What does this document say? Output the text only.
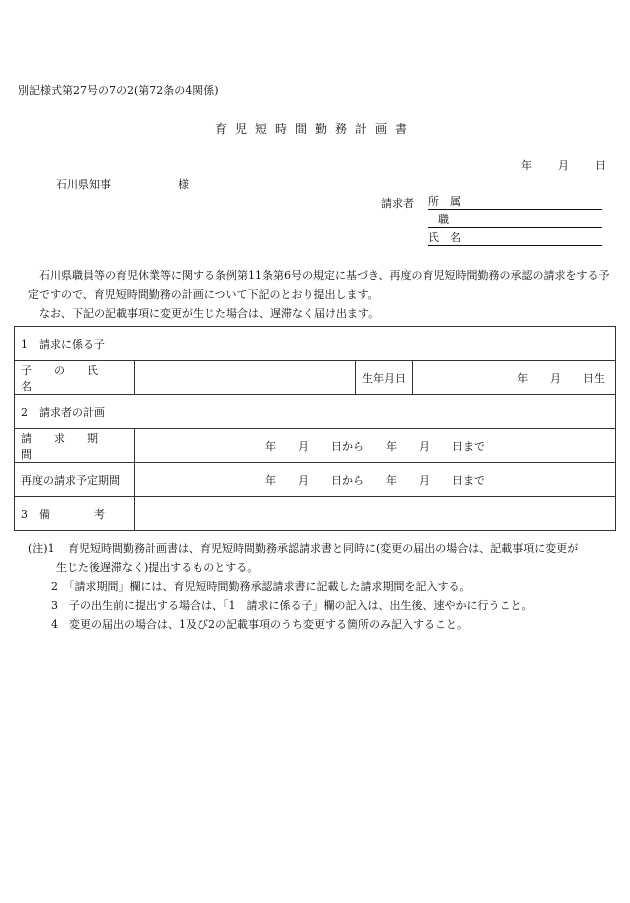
別記様式第27号の7の2(第72条の4関係)
育児短時間勤務計画書
年 月 日
石川県知事	様
請求者 所　属
職
氏　名
石川県職員等の育児休業等に関する条例第11条第6号の規定に基づき、再度の育児短時間勤務の承認の請求をする予定ですので、育児短時間勤務の計画について下記のとおり提出します。
なお、下記の記載事項に変更が生じた場合は、遅滞なく届け出ます。
1　請求に係る子			
子　　の　　氏　　名		生年月日	年　　月　　日生
2　請求者の計画			
請　　求　　期　　間	年　　月　　日から　　年　　月　　日まで		
再度の請求予定期間	年　　月　　日から　　年　　月　　日まで		
3　備　　　　考			
(注)1 育児短時間勤務計画書は、育児短時間勤務承認請求書と同時に(変更の届出の場合は、記載事項に変更が
生じた後遅滞なく)提出するものとする。
2　「請求期間」欄には、育児短時間勤務承認請求書に記載した請求期間を記入する。
3　子の出生前に提出する場合は、「1　請求に係る子」欄の記入は、出生後、速やかに行うこと。
4　変更の届出の場合は、1及び2の記載事項のうち変更する箇所のみ記入すること。
